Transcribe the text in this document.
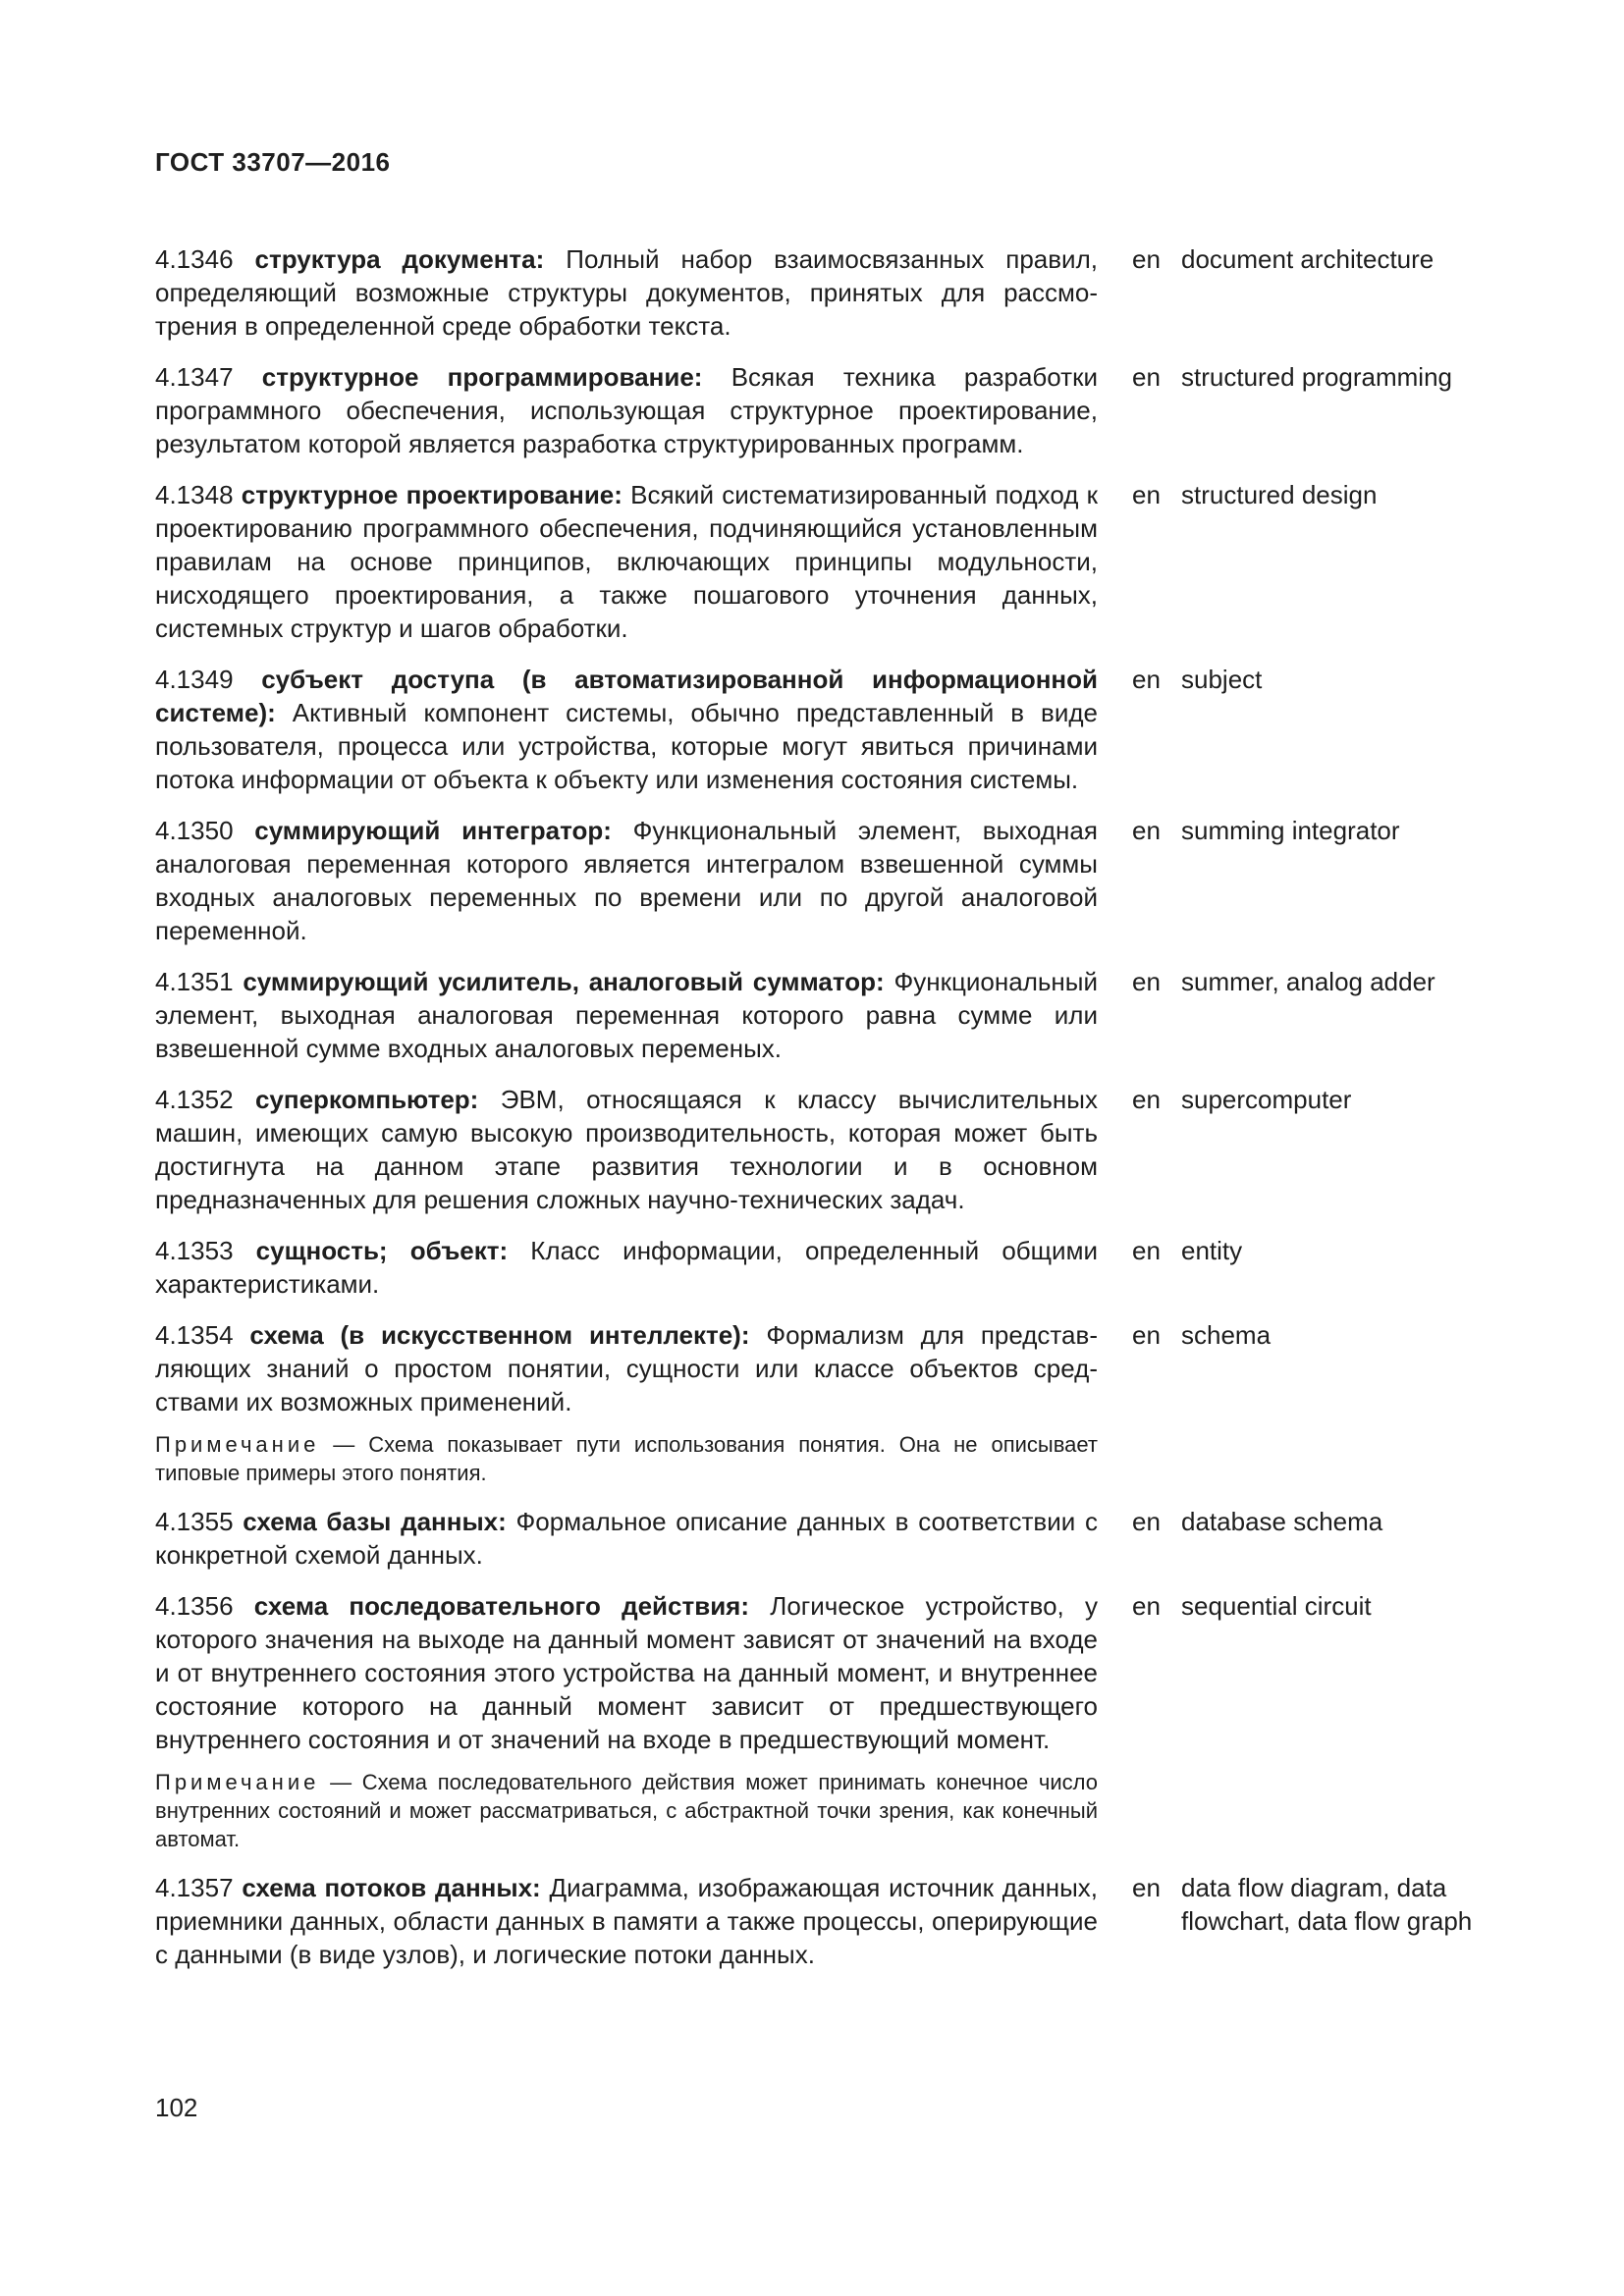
ГОСТ 33707—2016

4.1346 структура документа: Полный набор взаимосвязанных правил, определяющий возможные структуры документов, принятых для рассмотрения в определенной среде обработки текста.

en document architecture

4.1347 структурное программирование: Всякая техника разработки программного обеспечения, использующая структурное проектирование, результатом которой является разработка структурированных программ.

en structured programming

4.1348 структурное проектирование: Всякий систематизированный подход к проектированию программного обеспечения, подчиняющийся установленным правилам на основе принципов, включающих принципы модульности, нисходящего проектирования, а также пошагового уточнения данных, системных структур и шагов обработки.

en structured design

4.1349 субъект доступа (в автоматизированной информационной системе): Активный компонент системы, обычно представленный в виде пользователя, процесса или устройства, которые могут явиться причинами потока информации от объекта к объекту или изменения состояния системы.

en subject

4.1350 суммирующий интегратор: Функциональный элемент, выходная аналоговая переменная которого является интегралом взвешенной суммы входных аналоговых переменных по времени или по другой аналоговой переменной.

en summing integrator

4.1351 суммирующий усилитель, аналоговый сумматор: Функциональный элемент, выходная аналоговая переменная которого равна сумме или взвешенной сумме входных аналоговых переменых.

en summer, analog adder

4.1352 суперкомпьютер: ЭВМ, относящаяся к классу вычислительных машин, имеющих самую высокую производительность, которая может быть достигнута на данном этапе развития технологии и в основном предназначенных для решения сложных научно-технических задач.

en supercomputer

4.1353 сущность; объект: Класс информации, определенный общими характеристиками.

en entity

4.1354 схема (в искусственном интеллекте): Формализм для представляющих знаний о простом понятии, сущности или классе объектов средствами их возможных применений.

Примечание — Схема показывает пути использования понятия. Она не описывает типовые примеры этого понятия.

en schema

4.1355 схема базы данных: Формальное описание данных в соответствии с конкретной схемой данных.

en database schema

4.1356 схема последовательного действия: Логическое устройство, у которого значения на выходе на данный момент зависят от значений на входе и от внутреннего состояния этого устройства на данный момент, и внутреннее состояние которого на данный момент зависит от предшествующего внутреннего состояния и от значений на входе в предшествующий момент.

Примечание — Схема последовательного действия может принимать конечное число внутренних состояний и может рассматриваться, с абстрактной точки зрения, как конечный автомат.

en sequential circuit

4.1357 схема потоков данных: Диаграмма, изображающая источник данных, приемники данных, области данных в памяти а также процессы, оперирующие с данными (в виде узлов), и логические потоки данных.

en data flow diagram, data flowchart, data flow graph
102
